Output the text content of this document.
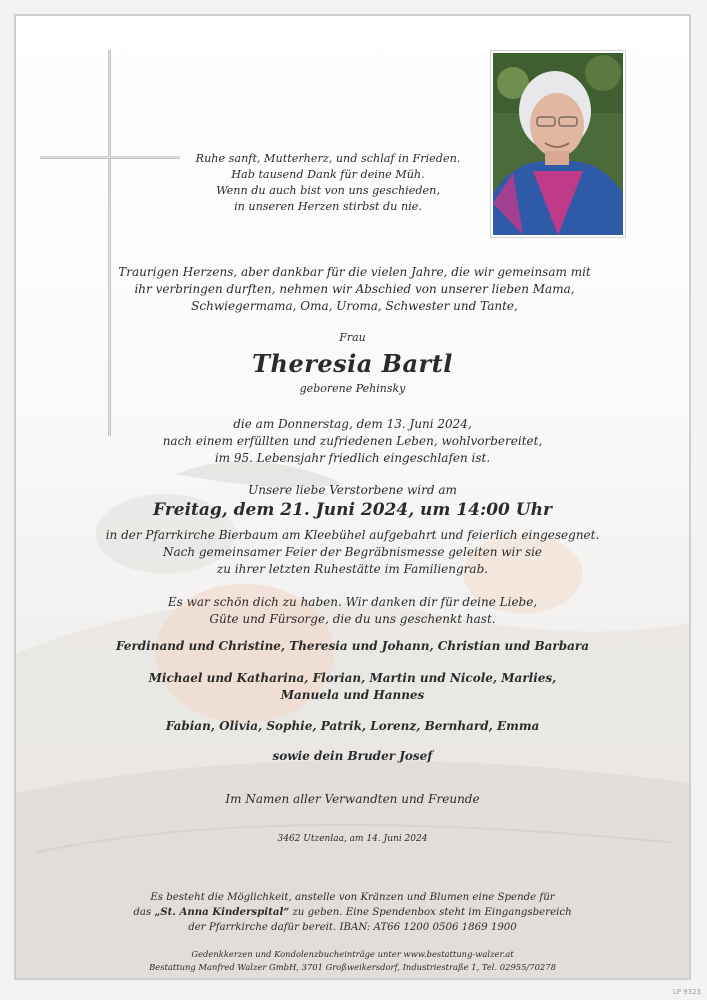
Ruhe sanft, Mutterherz, und schlaf in Frieden.
Hab tausend Dank für deine Müh.
Wenn du auch bist von uns geschieden,
in unseren Herzen stirbst du nie.
Traurigen Herzens, aber dankbar für die vielen Jahre, die wir gemeinsam mit
ihr verbringen durften, nehmen wir Abschied von unserer lieben Mama,
Schwiegermama, Oma, Uroma, Schwester und Tante,
Frau
Theresia Bartl
geborene Pehinsky
die am Donnerstag, dem 13. Juni 2024,
nach einem erfüllten und zufriedenen Leben, wohlvorbereitet,
im 95. Lebensjahr friedlich eingeschlafen ist.
Unsere liebe Verstorbene wird am
Freitag, dem 21. Juni 2024, um 14:00 Uhr
in der Pfarrkirche Bierbaum am Kleebühel aufgebahrt und feierlich eingesegnet.
Nach gemeinsamer Feier der Begräbnismesse geleiten wir sie
zu ihrer letzten Ruhestätte im Familiengrab.
Es war schön dich zu haben. Wir danken dir für deine Liebe,
Güte und Fürsorge, die du uns geschenkt hast.
Ferdinand und Christine, Theresia und Johann, Christian und Barbara
Michael und Katharina, Florian, Martin und Nicole, Marlies,
Manuela und Hannes
Fabian, Olivia, Sophie, Patrik, Lorenz, Bernhard, Emma
sowie dein Bruder Josef
Im Namen aller Verwandten und Freunde
3462 Utzenlaa, am 14. Juni 2024
Es besteht die Möglichkeit, anstelle von Kränzen und Blumen eine Spende für
das „St. Anna Kinderspital“ zu geben. Eine Spendenbox steht im Eingangsbereich
der Pfarrkirche dafür bereit. IBAN: AT66 1200 0506 1869 1900
Gedenkkerzen und Kondolenzbucheinträge unter www.bestattung-walzer.at
Bestattung Manfred Walzer GmbH, 3701 Großweikersdorf, Industriestraße 1, Tel. 02955/70278
LP 9323
